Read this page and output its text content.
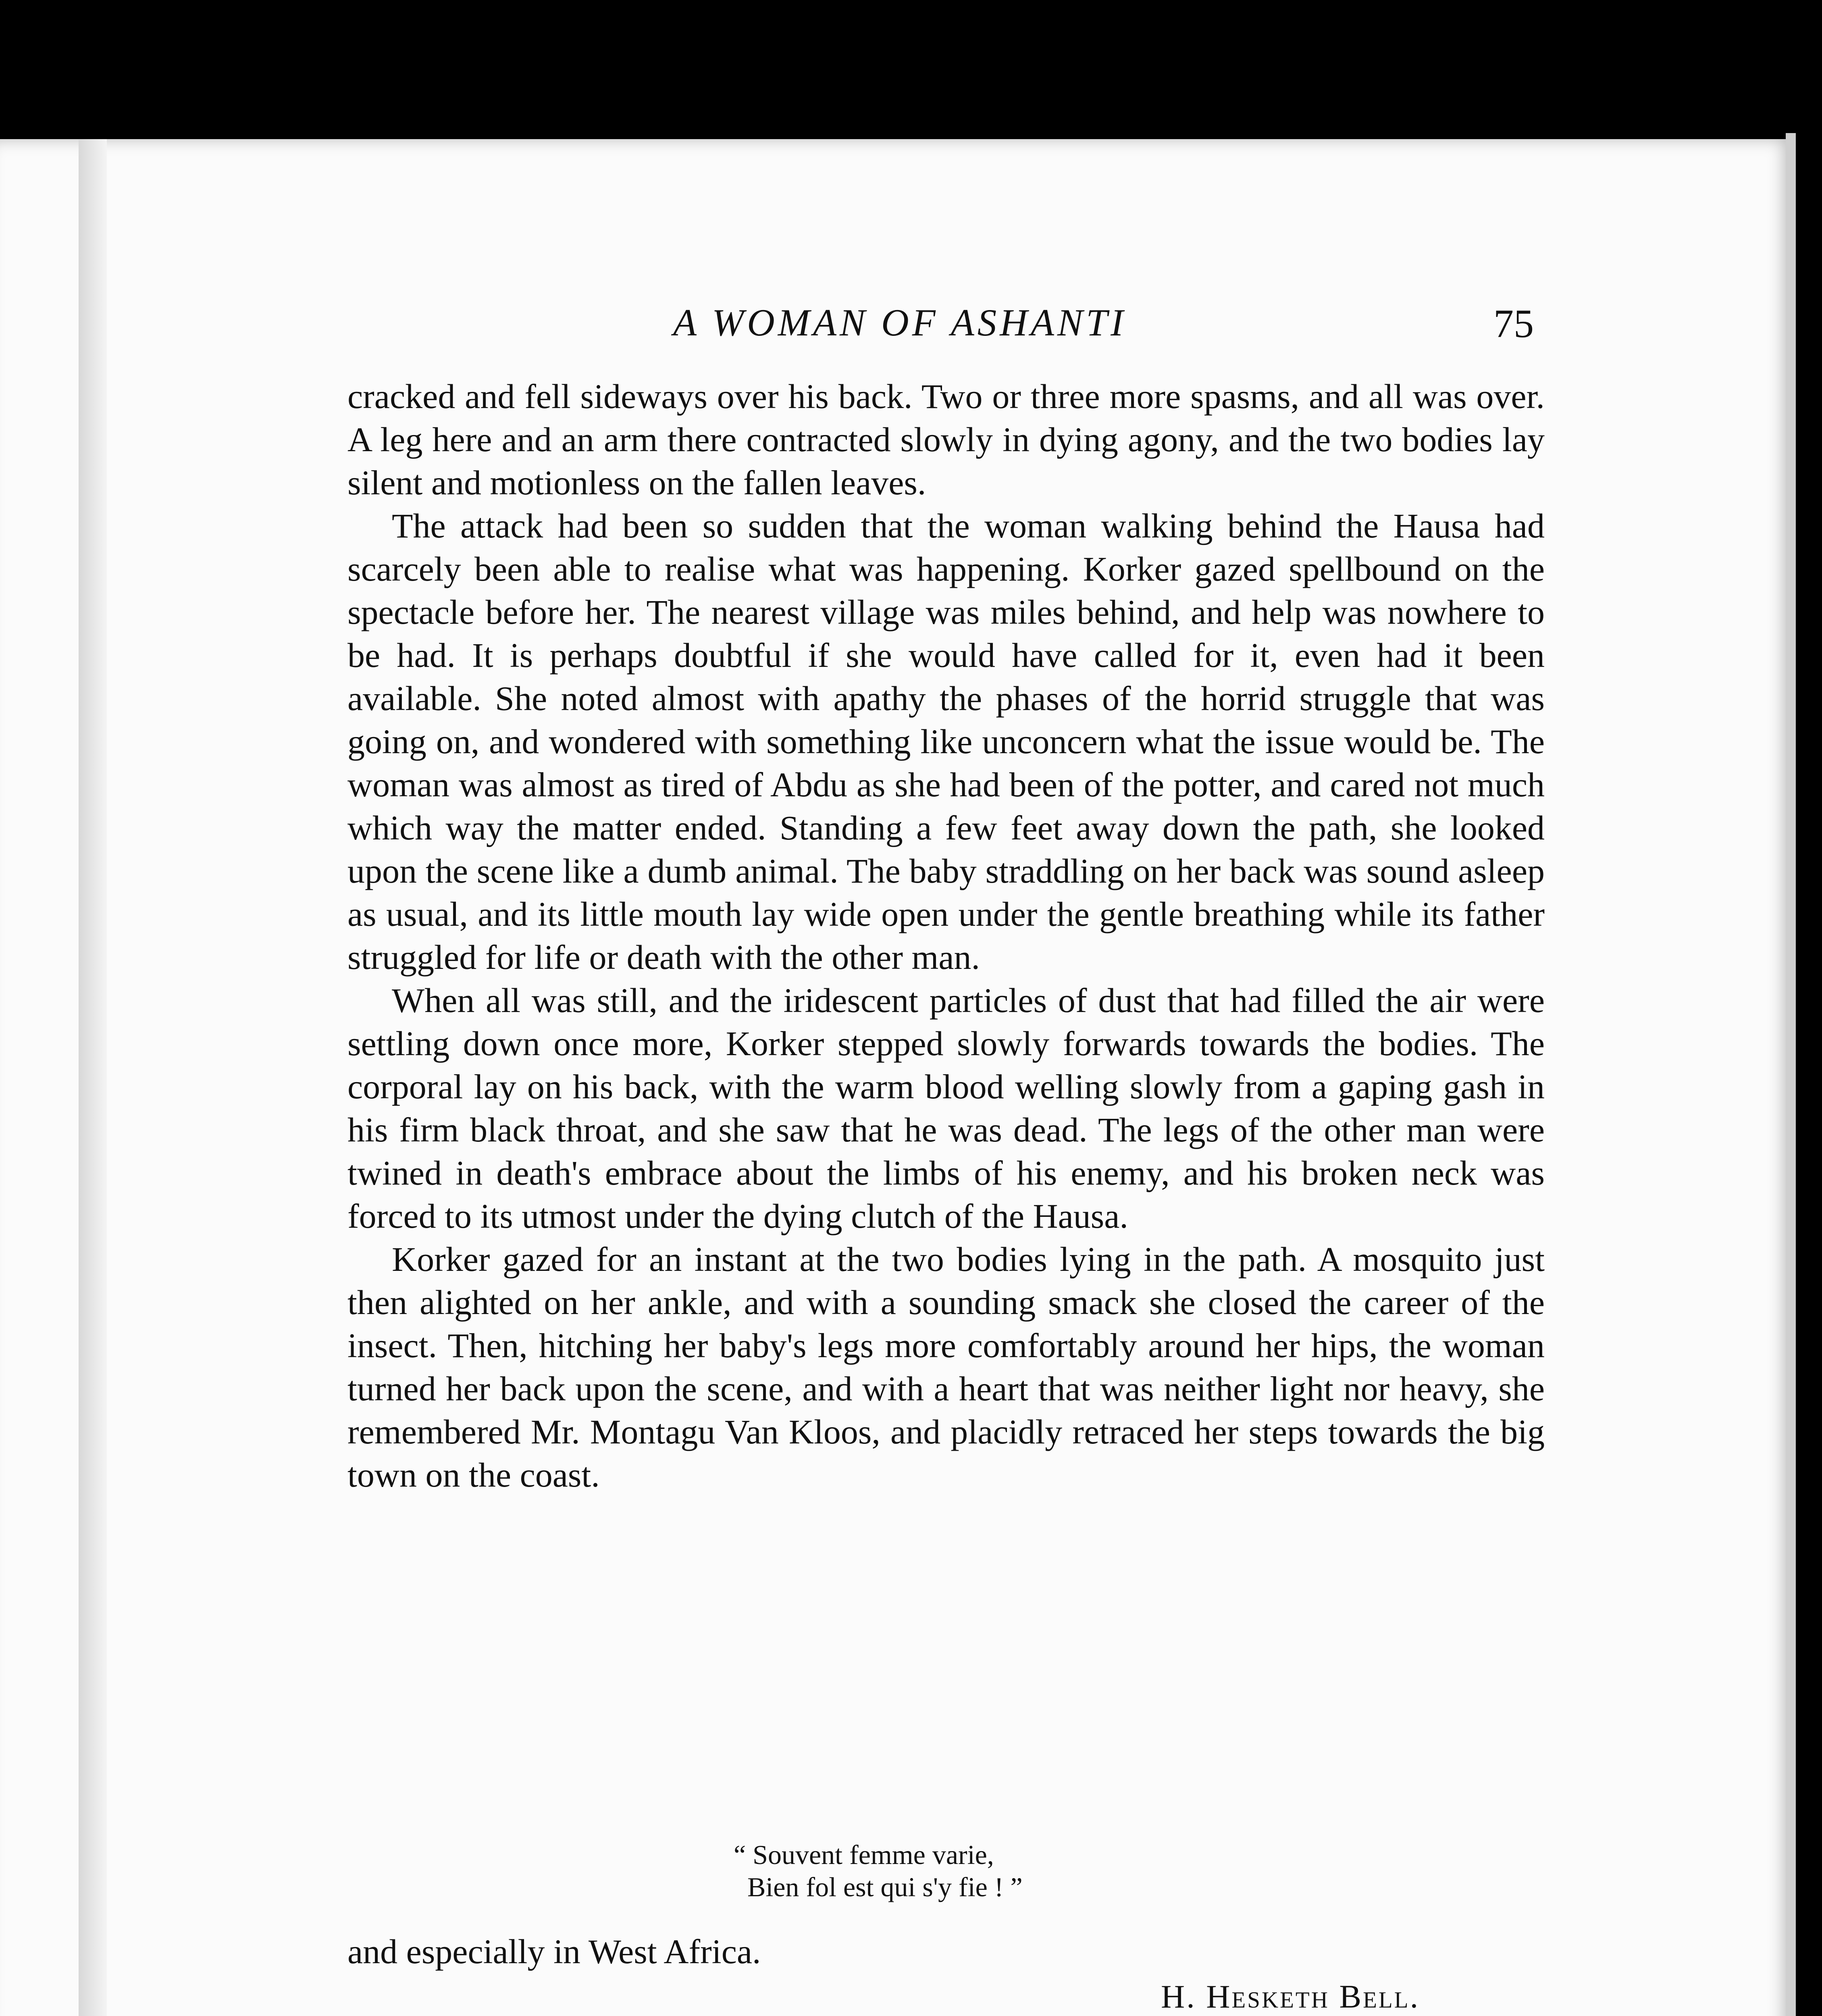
A WOMAN OF ASHANTI	75

cracked and fell sideways over his back. Two or three more spasms, and all was over. A leg here and an arm there contracted slowly in dying agony, and the two bodies lay silent and motionless on the fallen leaves.

The attack had been so sudden that the woman walking behind the Hausa had scarcely been able to realise what was happening. Korker gazed spellbound on the spectacle before her. The nearest village was miles behind, and help was nowhere to be had. It is perhaps doubtful if she would have called for it, even had it been available. She noted almost with apathy the phases of the horrid struggle that was going on, and wondered with something like unconcern what the issue would be. The woman was almost as tired of Abdu as she had been of the potter, and cared not much which way the matter ended. Standing a few feet away down the path, she looked upon the scene like a dumb animal. The baby straddling on her back was sound asleep as usual, and its little mouth lay wide open under the gentle breathing while its father struggled for life or death with the other man.

When all was still, and the iridescent particles of dust that had filled the air were settling down once more, Korker stepped slowly forwards towards the bodies. The corporal lay on his back, with the warm blood welling slowly from a gaping gash in his firm black throat, and she saw that he was dead. The legs of the other man were twined in death's embrace about the limbs of his enemy, and his broken neck was forced to its utmost under the dying clutch of the Hausa.

Korker gazed for an instant at the two bodies lying in the path. A mosquito just then alighted on her ankle, and with a sounding smack she closed the career of the insect. Then, hitching her baby's legs more comfortably around her hips, the woman turned her back upon the scene, and with a heart that was neither light nor heavy, she remembered Mr. Montagu Van Kloos, and placidly retraced her steps towards the big town on the coast.

“ Souvent femme varie,
Bien fol est qui s'y fie ! ”
and especially in West Africa.
H. Hesketh Bell.
